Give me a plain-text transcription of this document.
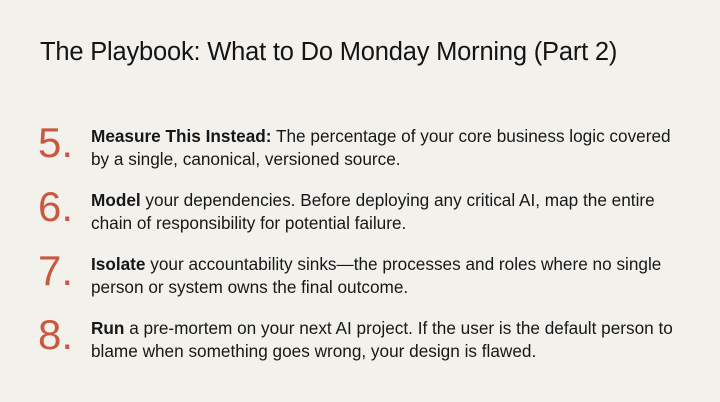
The Playbook: What to Do Monday Morning (Part 2)
5.	Measure This Instead: The percentage of your core business logic covered by a single, canonical, versioned source.
6.	Model your dependencies. Before deploying any critical AI, map the entire chain of responsibility for potential failure.
7.	Isolate your accountability sinks—the processes and roles where no single person or system owns the final outcome.
8.	Run a pre-mortem on your next AI project. If the user is the default person to blame when something goes wrong, your design is flawed.
